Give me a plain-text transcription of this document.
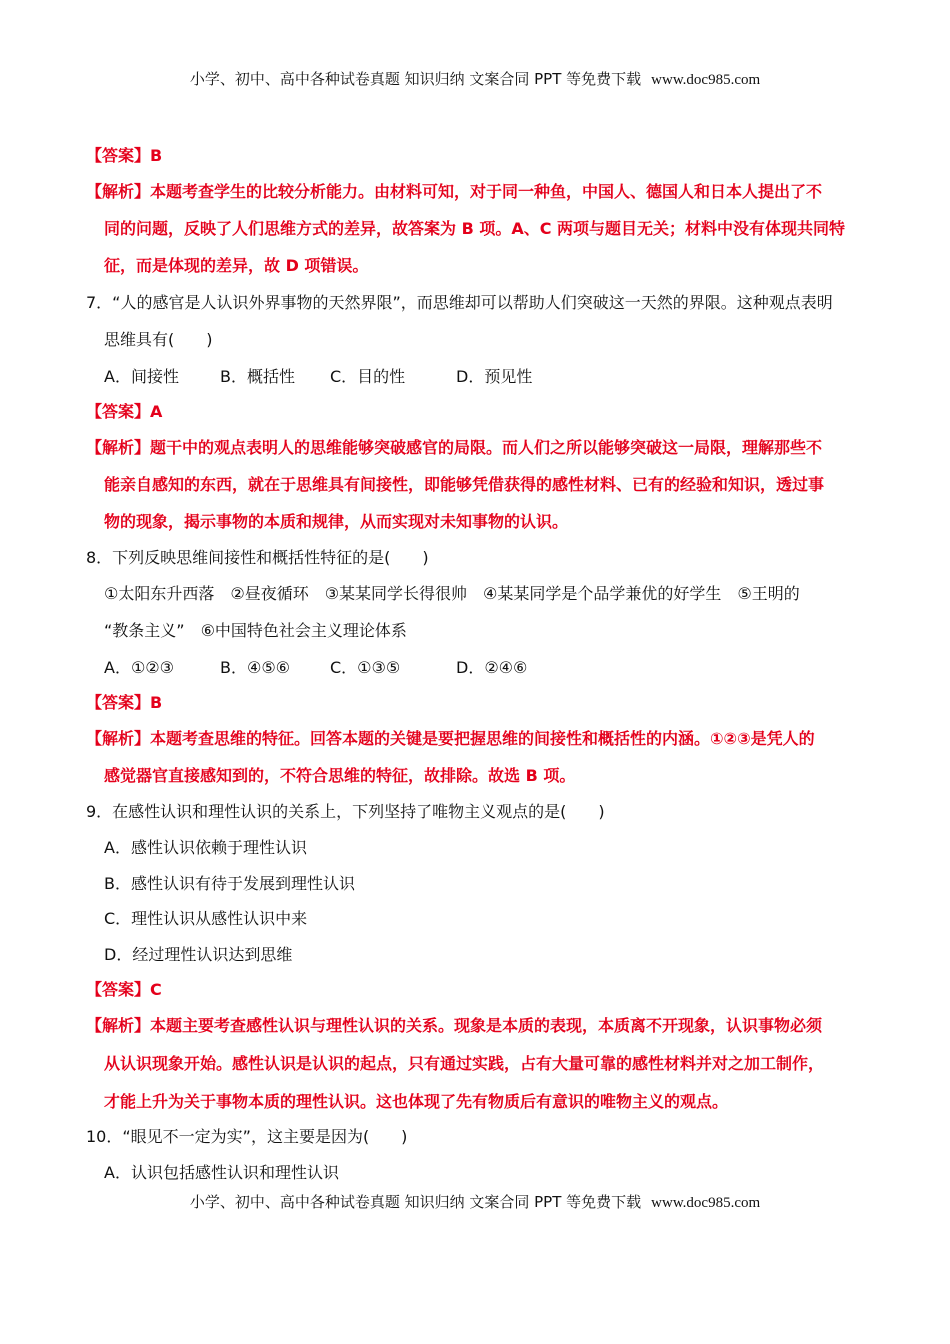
小学、初中、高中各种试卷真题 知识归纳 文案合同 PPT 等免费下载 www.doc985.com
【答案】B
【解析】本题考查学生的比较分析能力。由材料可知，对于同一种鱼，中国人、德国人和日本人提出了不
同的问题，反映了人们思维方式的差异，故答案为 B 项。A、C 两项与题目无关；材料中没有体现共同特
征，而是体现的差异，故 D 项错误。
7．“人的感官是人认识外界事物的天然界限”，而思维却可以帮助人们突破这一天然的界限。这种观点表明
思维具有(　　)
A．间接性	B．概括性 C．目的性	D．预见性
【答案】A
【解析】题干中的观点表明人的思维能够突破感官的局限。而人们之所以能够突破这一局限，理解那些不
能亲自感知的东西，就在于思维具有间接性，即能够凭借获得的感性材料、已有的经验和知识，透过事
物的现象，揭示事物的本质和规律，从而实现对未知事物的认识。
8．下列反映思维间接性和概括性特征的是(　　)
①太阳东升西落　②昼夜循环　③某某同学长得很帅　④某某同学是个品学兼优的好学生　⑤王明的
“教条主义”　⑥中国特色社会主义理论体系
A．①②③	B．④⑤⑥ C．①③⑤	D．②④⑥
【答案】B
【解析】本题考查思维的特征。回答本题的关键是要把握思维的间接性和概括性的内涵。①②③是凭人的
感觉器官直接感知到的，不符合思维的特征，故排除。故选 B 项。
9．在感性认识和理性认识的关系上，下列坚持了唯物主义观点的是(　　)
A．感性认识依赖于理性认识
B．感性认识有待于发展到理性认识
C．理性认识从感性认识中来
D．经过理性认识达到思维
【答案】C
【解析】本题主要考查感性认识与理性认识的关系。现象是本质的表现，本质离不开现象，认识事物必须
从认识现象开始。感性认识是认识的起点，只有通过实践，占有大量可靠的感性材料并对之加工制作，
才能上升为关于事物本质的理性认识。这也体现了先有物质后有意识的唯物主义的观点。
10．“眼见不一定为实”，这主要是因为(　　)
A．认识包括感性认识和理性认识
小学、初中、高中各种试卷真题 知识归纳 文案合同 PPT 等免费下载 www.doc985.com
